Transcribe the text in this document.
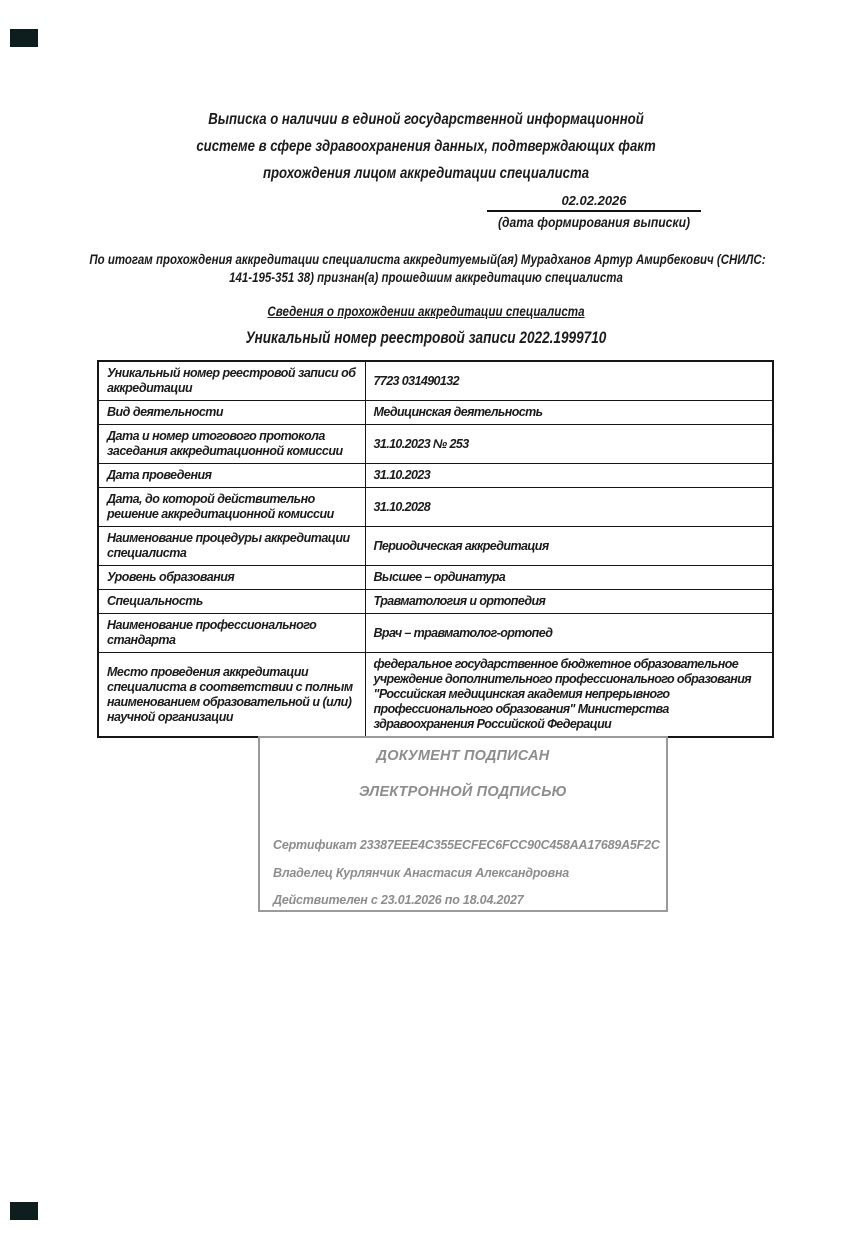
Выписка о наличии в единой государственной информационной
системе в сфере здравоохранения данных, подтверждающих факт
прохождения лицом аккредитации специалиста
02.02.2026
(дата формирования выписки)
По итогам прохождения аккредитации специалиста аккредитуемый(ая) Мурадханов Артур Амирбекович (СНИЛС:
141-195-351 38) признан(а) прошедшим аккредитацию специалиста
Сведения о прохождении аккредитации специалиста
Уникальный номер реестровой записи 2022.1999710
Уникальный номер реестровой записи об аккредитации	7723 031490132
Вид деятельности	Медицинская деятельность
Дата и номер итогового протокола заседания аккредитационной комиссии	31.10.2023 № 253
Дата проведения	31.10.2023
Дата, до которой действительно решение аккредитационной комиссии	31.10.2028
Наименование процедуры аккредитации специалиста	Периодическая аккредитация
Уровень образования	Высшее – ординатура
Специальность	Травматология и ортопедия
Наименование профессионального стандарта	Врач – травматолог-ортопед
Место проведения аккредитации специалиста в соответствии с полным наименованием образовательной и (или) научной организации	федеральное государственное бюджетное образовательное учреждение дополнительного профессионального образования "Российская медицинская академия непрерывного профессионального образования" Министерства здравоохранения Российской Федерации
ДОКУМЕНТ ПОДПИСАН
ЭЛЕКТРОННОЙ ПОДПИСЬЮ
Сертификат 23387EEE4C355ECFEC6FCC90C458AA17689A5F2C
Владелец Курлянчик Анастасия Александровна
Действителен с 23.01.2026 по 18.04.2027
